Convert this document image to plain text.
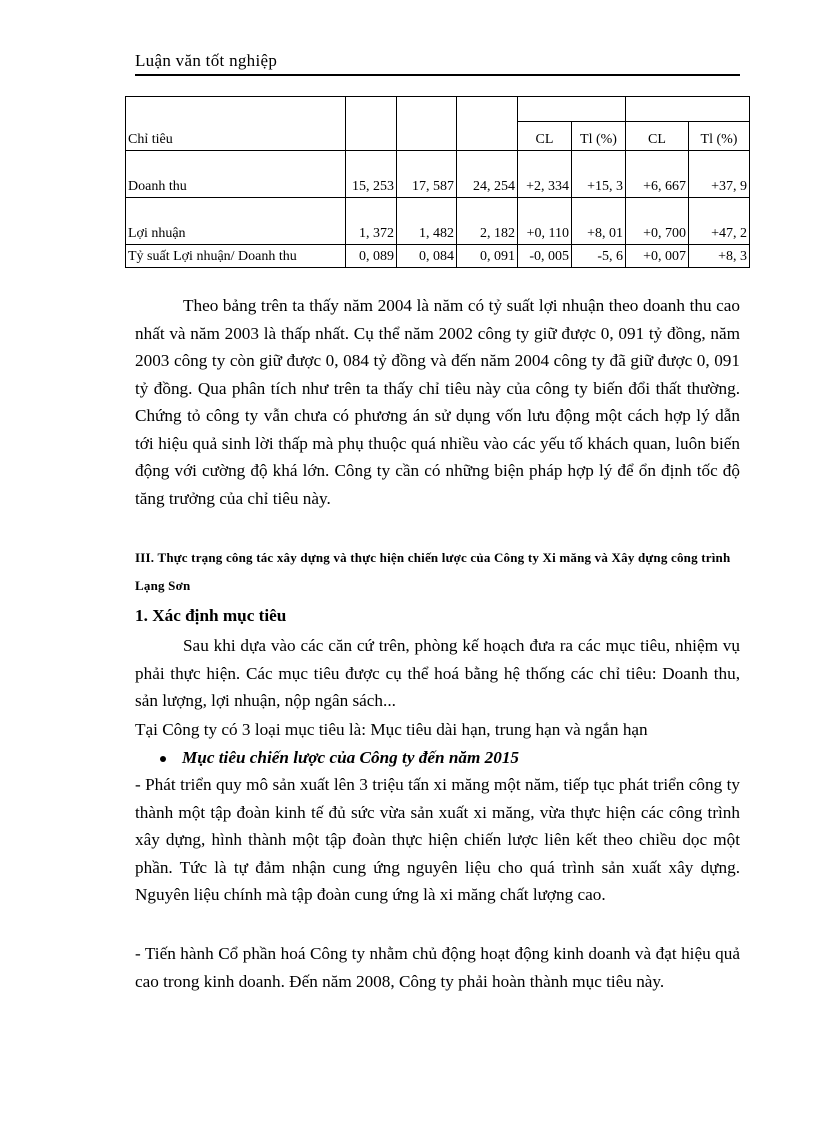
Luận văn tốt nghiệp
Chỉ tiêu							
				CL	Tl (%)	CL	Tl (%)
Doanh thu	15, 253	17, 587	24, 254	+2, 334	+15, 3	+6, 667	+37, 9
Lợi nhuận	1, 372	1, 482	2, 182	+0, 110	+8, 01	+0, 700	+47, 2
Tỷ suất Lợi nhuận/ Doanh thu	0, 089	0, 084	0, 091	-0, 005	-5, 6	+0, 007	+8, 3
Theo bảng trên ta thấy năm 2004 là năm có tỷ suất lợi nhuận theo doanh thu cao nhất và năm 2003 là thấp nhất. Cụ thể năm 2002 công ty giữ được 0, 091 tỷ đồng, năm 2003 công ty còn giữ được 0, 084 tỷ đồng và đến năm 2004 công ty đã giữ được 0, 091 tỷ đồng. Qua phân tích như trên ta thấy chỉ tiêu này của công ty biến đổi thất thường. Chứng tỏ công ty vẫn chưa có phương án sử dụng vốn lưu động một cách hợp lý dẫn tới hiệu quả sinh lời thấp mà phụ thuộc quá nhiều vào các yếu tố khách quan, luôn biến động với cường độ khá lớn. Công ty cần có những biện pháp hợp lý để ổn định tốc độ tăng trưởng của chỉ tiêu này.
III. Thực trạng công tác xây dựng và thực hiện chiến lược của Công ty Xi măng và Xây dựng công trình Lạng Sơn
1. Xác định mục tiêu
Sau khi dựa vào các căn cứ trên, phòng kế hoạch đưa ra các mục tiêu, nhiệm vụ phải thực hiện. Các mục tiêu được cụ thể hoá bằng hệ thống các chỉ tiêu: Doanh thu, sản lượng, lợi nhuận, nộp ngân sách...
Tại Công ty có 3 loại mục tiêu là: Mục tiêu dài hạn, trung hạn và ngắn hạn
Mục tiêu chiến lược của Công ty đến năm 2015
- Phát triển quy mô sản xuất lên 3 triệu tấn xi măng một năm, tiếp tục phát triển công ty thành một tập đoàn kinh tế đủ sức vừa sản xuất xi măng, vừa thực hiện các công trình xây dựng, hình thành một tập đoàn thực hiện chiến lược liên kết theo chiều dọc một phần. Tức là tự đảm nhận cung ứng nguyên liệu cho quá trình sản xuất xây dựng. Nguyên liệu chính mà tập đoàn cung ứng là xi măng chất lượng cao.
- Tiến hành Cổ phần hoá Công ty nhằm chủ động hoạt động kinh doanh và đạt hiệu quả cao trong kinh doanh. Đến năm 2008, Công ty phải hoàn thành mục tiêu này.
